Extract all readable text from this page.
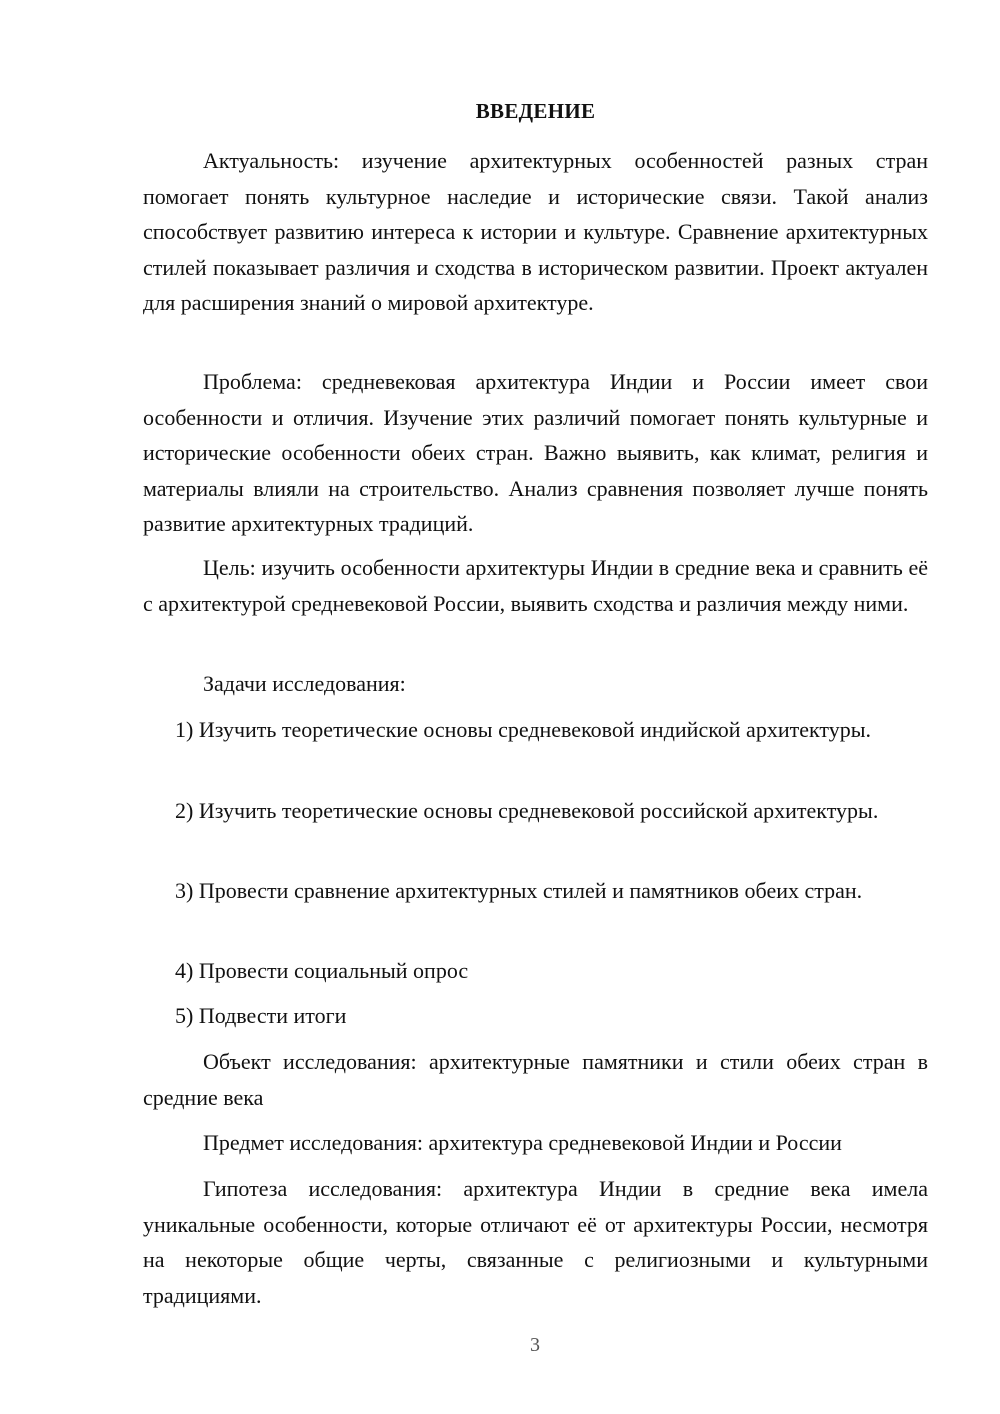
ВВЕДЕНИЕ

Актуальность: изучение архитектурных особенностей разных стран помогает понять культурное наследие и исторические связи. Такой анализ способствует развитию интереса к истории и культуре. Сравнение архитектурных стилей показывает различия и сходства в историческом развитии. Проект актуален для расширения знаний о мировой архитектуре.

Проблема: средневековая архитектура Индии и России имеет свои особенности и отличия. Изучение этих различий помогает понять культурные и исторические особенности обеих стран. Важно выявить, как климат, религия и материалы влияли на строительство. Анализ сравнения позволяет лучше понять развитие архитектурных традиций.

Цель: изучить особенности архитектуры Индии в средние века и сравнить её с архитектурой средневековой России, выявить сходства и различия между ними.

Задачи исследования:

1) Изучить теоретические основы средневековой индийской архитектуры.

2) Изучить теоретические основы средневековой российской архитектуры.

3) Провести сравнение архитектурных стилей и памятников обеих стран.

4) Провести социальный опрос

5) Подвести итоги

Объект исследования: архитектурные памятники и стили обеих стран в средние века

Предмет исследования: архитектура средневековой Индии и России

Гипотеза исследования: архитектура Индии в средние века имела уникальные особенности, которые отличают её от архитектуры России, несмотря на некоторые общие черты, связанные с религиозными и культурными традициями.

3
